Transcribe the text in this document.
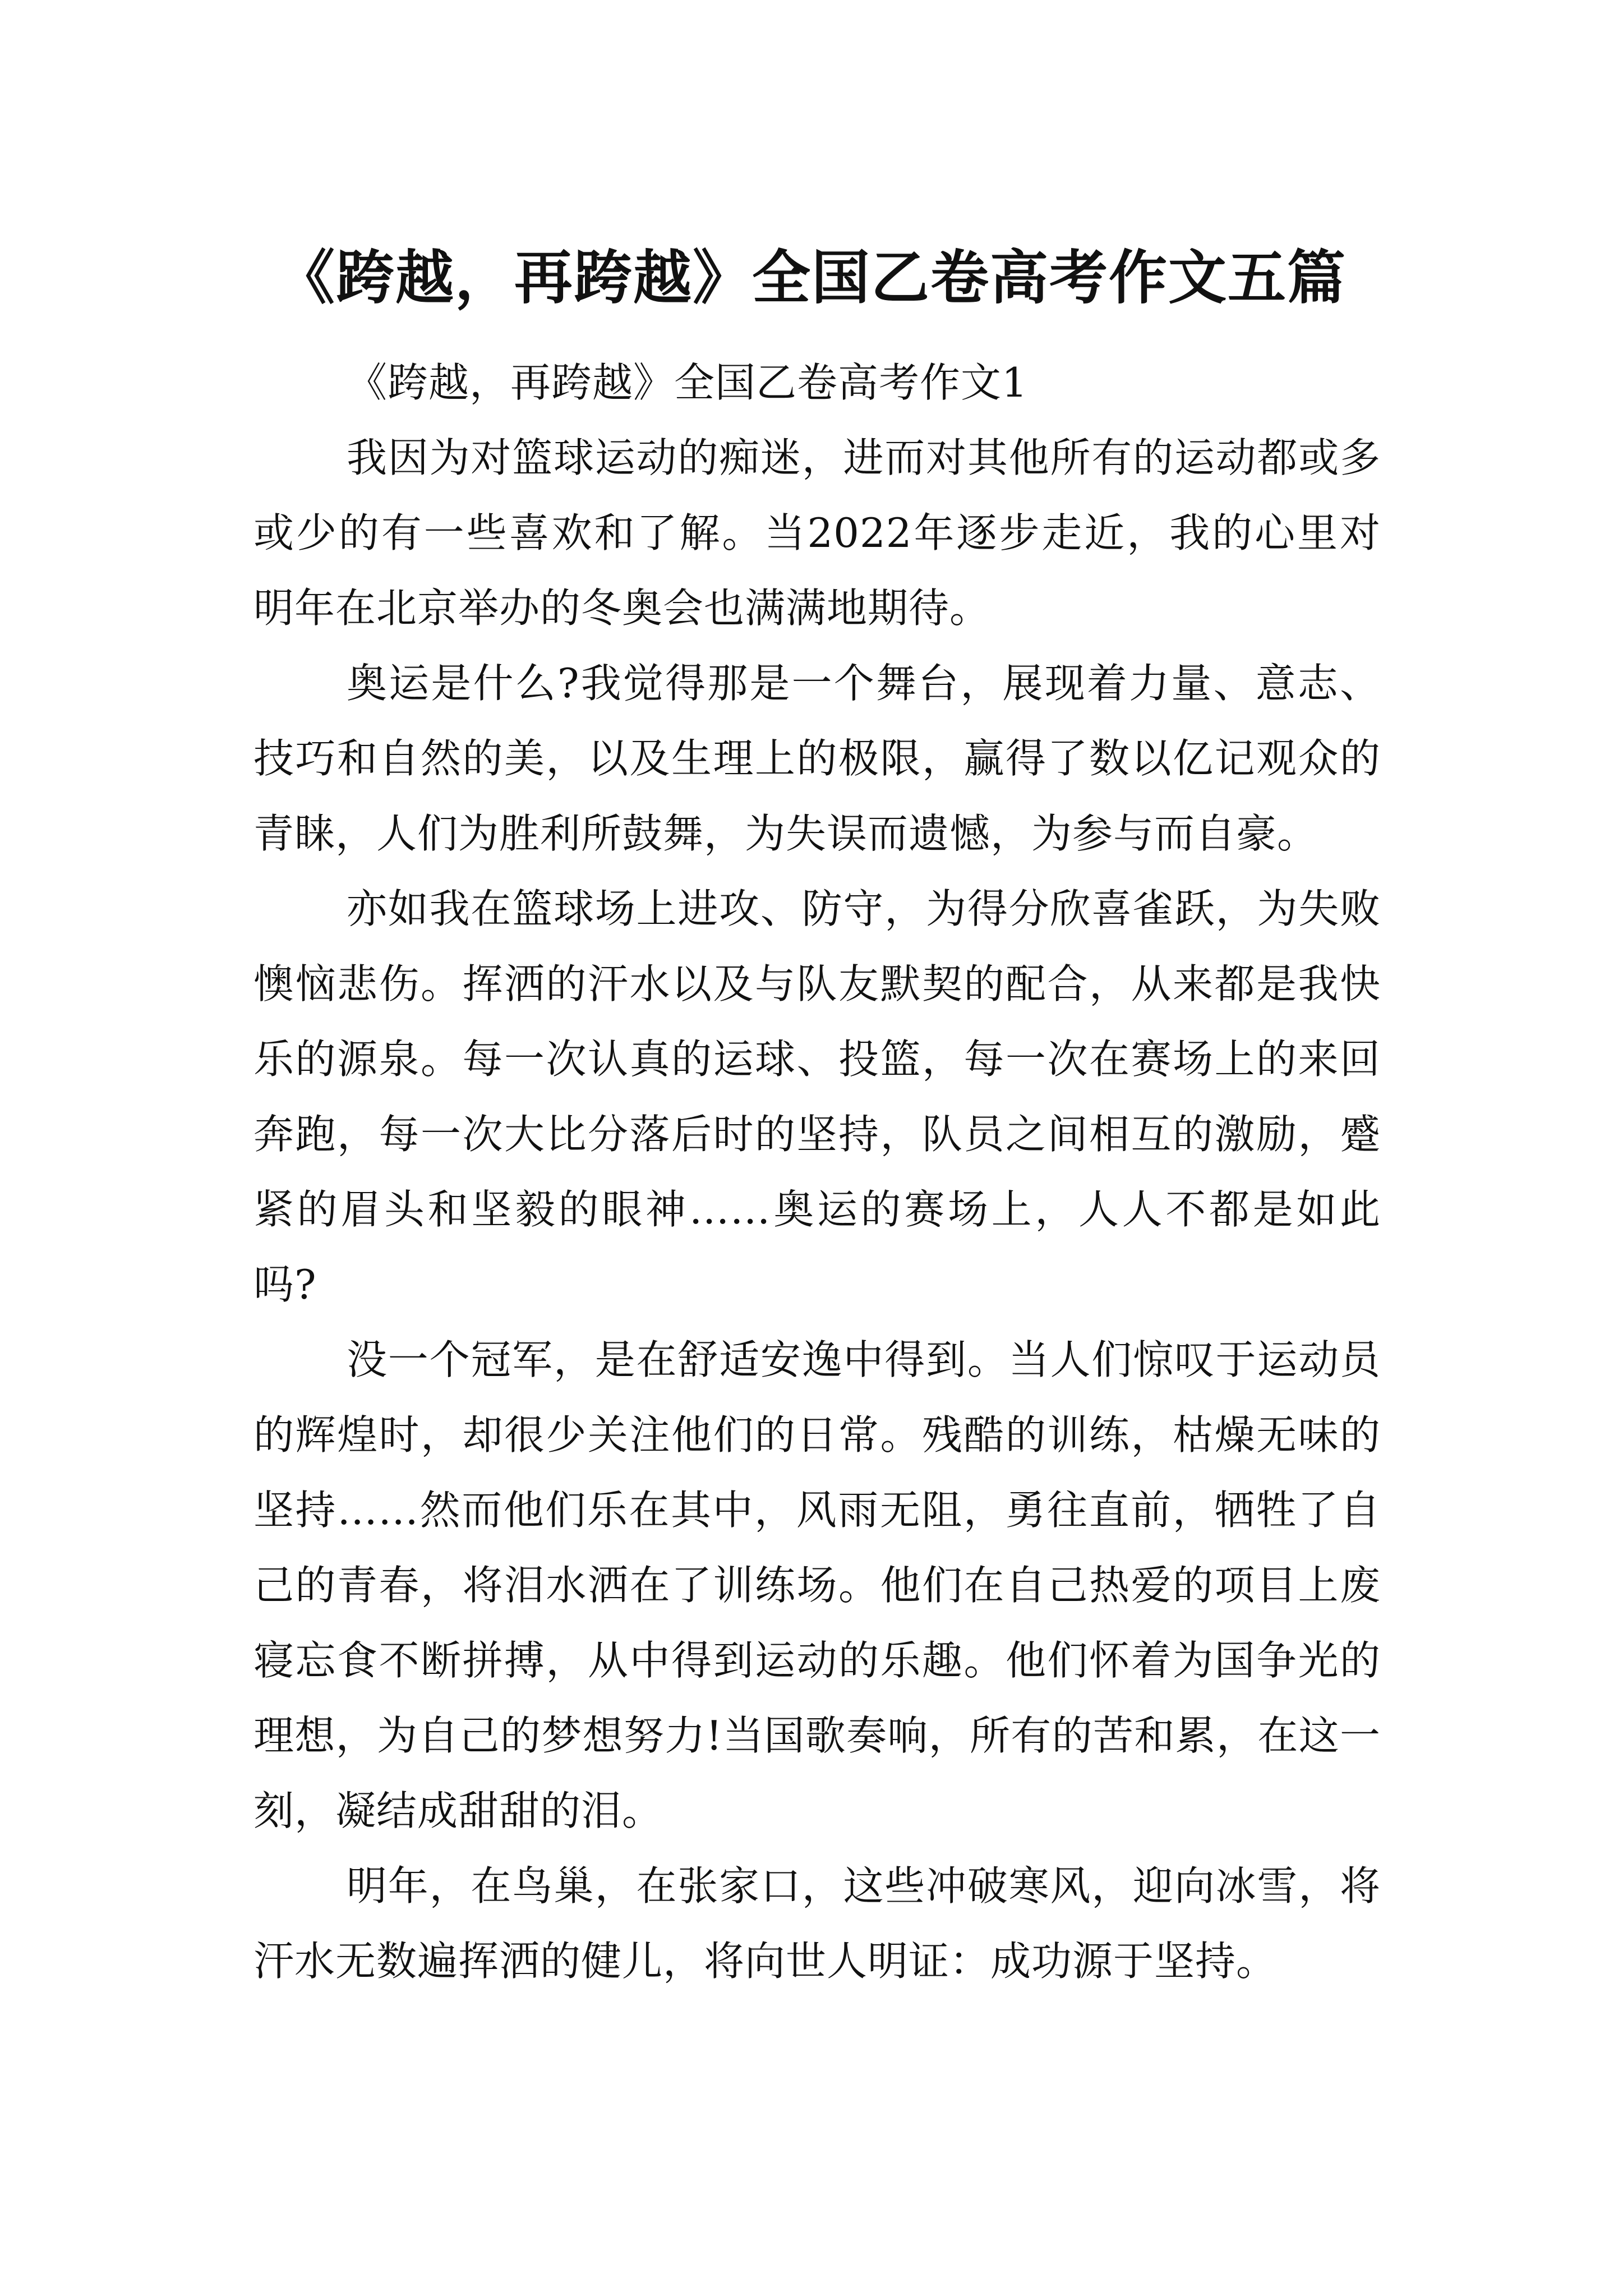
《跨越，再跨越》全国乙卷高考作文五篇

《跨越，再跨越》全国乙卷高考作文1

我因为对篮球运动的痴迷，进而对其他所有的运动都或多或少的有一些喜欢和了解。当2022年逐步走近，我的心里对明年在北京举办的冬奥会也满满地期待。

奥运是什么?我觉得那是一个舞台，展现着力量、意志、技巧和自然的美，以及生理上的极限，赢得了数以亿记观众的青睐，人们为胜利所鼓舞，为失误而遗憾，为参与而自豪。

亦如我在篮球场上进攻、防守，为得分欣喜雀跃，为失败懊恼悲伤。挥洒的汗水以及与队友默契的配合，从来都是我快乐的源泉。每一次认真的运球、投篮，每一次在赛场上的来回奔跑，每一次大比分落后时的坚持，队员之间相互的激励，蹙紧的眉头和坚毅的眼神……奥运的赛场上，人人不都是如此吗?

没一个冠军，是在舒适安逸中得到。当人们惊叹于运动员的辉煌时，却很少关注他们的日常。残酷的训练，枯燥无味的坚持……然而他们乐在其中，风雨无阻，勇往直前，牺牲了自己的青春，将泪水洒在了训练场。他们在自己热爱的项目上废寝忘食不断拼搏，从中得到运动的乐趣。他们怀着为国争光的理想，为自己的梦想努力!当国歌奏响，所有的苦和累，在这一刻，凝结成甜甜的泪。

明年，在鸟巢，在张家口，这些冲破寒风，迎向冰雪，将汗水无数遍挥洒的健儿，将向世人明证：成功源于坚持。
